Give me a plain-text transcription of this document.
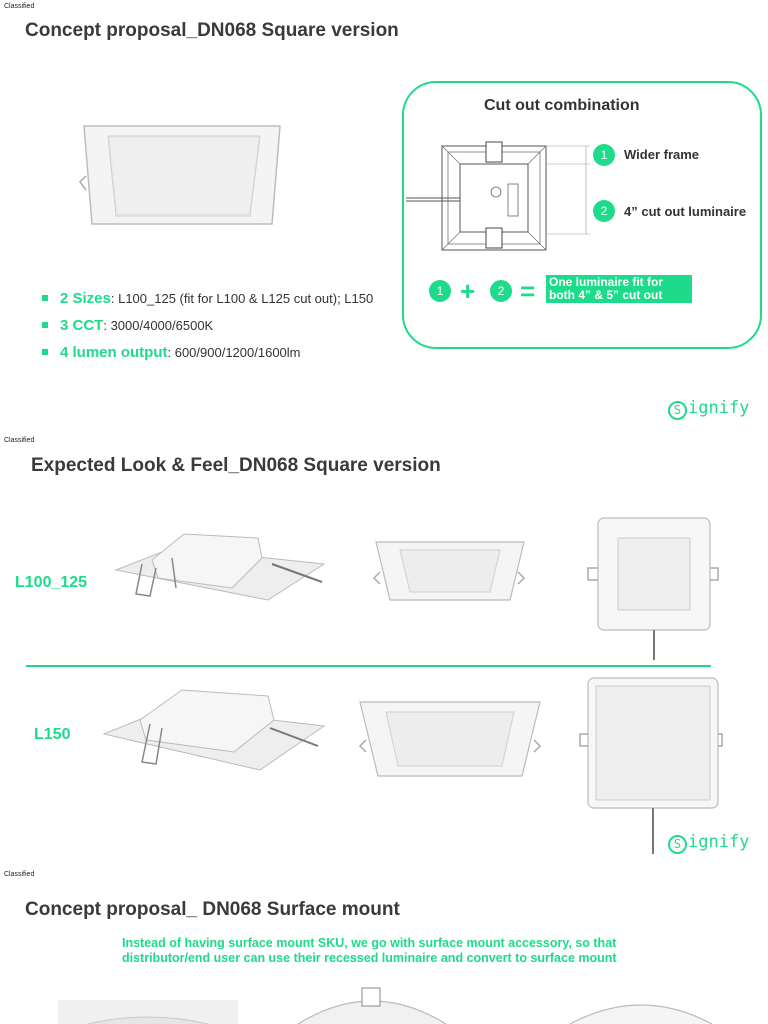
Classified
Concept proposal_DN068 Square version
2 Sizes : L100_125 (fit for L100 & L125 cut out); L150
3 CCT : 3000/4000/6500K
4 lumen output : 600/900/1200/1600lm
Cut out combination
1	Wider frame
2	4” cut out luminaire
1 +	2 = One luminaire fit for both 4” & 5” cut out
S ignify
Classified
Expected Look & Feel_DN068 Square version
L100_125
L150
S ignify
Classified
Concept proposal_ DN068 Surface mount
Instead of having surface mount SKU, we go with surface mount accessory, so that distributor/end user can use their recessed luminaire and convert to surface mount
